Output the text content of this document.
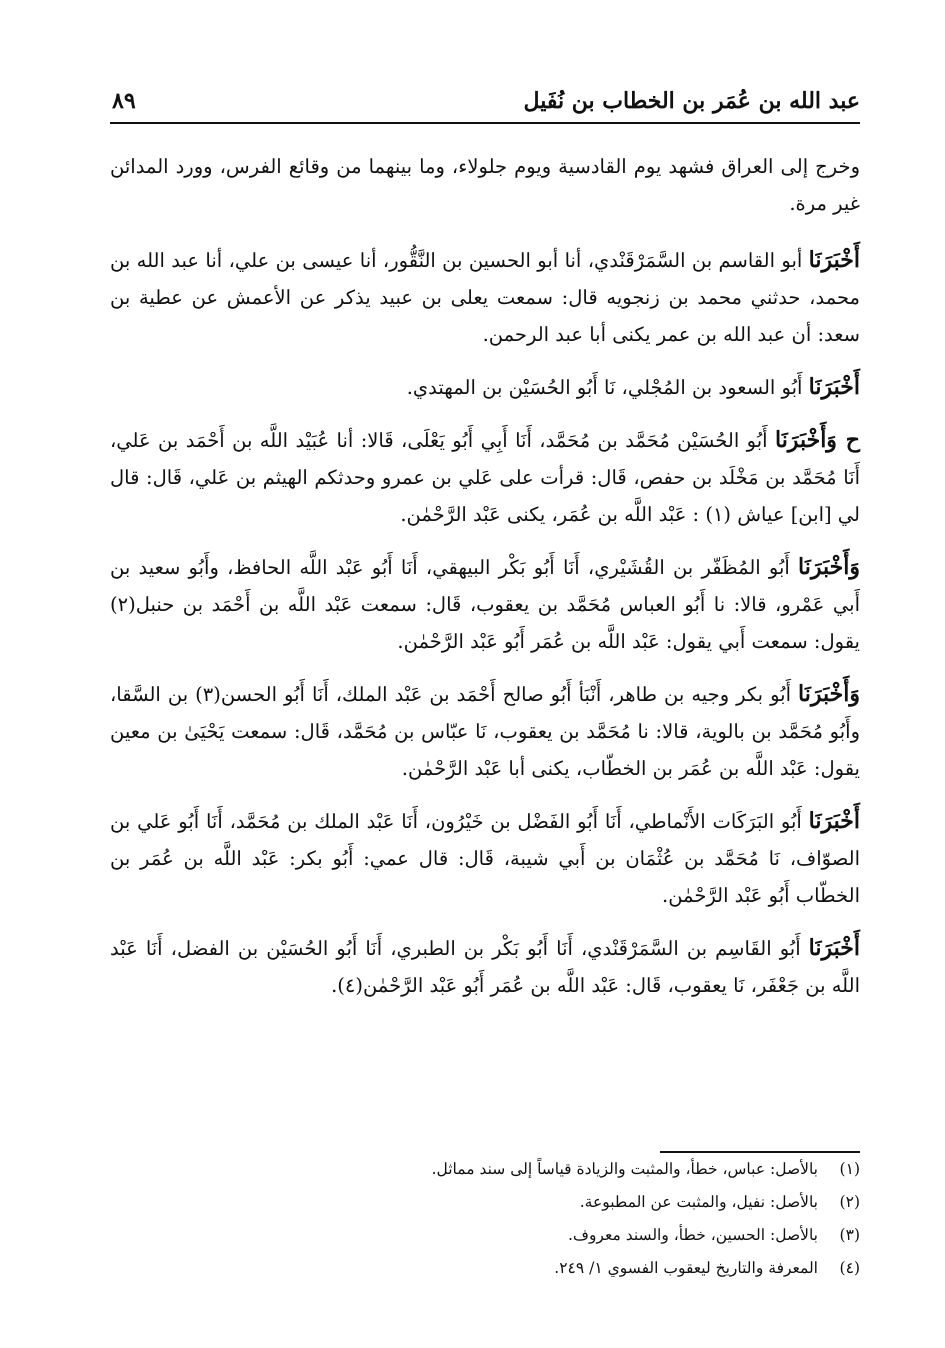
عبد الله بن عُمَر بن الخطاب بن نُفَيل
٨٩

وخرج إلى العراق فشهد يوم القادسية ويوم جلولاء، وما بينهما من وقائع الفرس، وورد المدائن غير مرة.

أَخْبَرَنَا أبو القاسم بن السَّمَرْقَنْدي، أنا أبو الحسين بن النَّقُّور، أنا عيسى بن علي، أنا عبد الله بن محمد، حدثني محمد بن زنجويه قال: سمعت يعلى بن عبيد يذكر عن الأعمش عن عطية بن سعد: أن عبد الله بن عمر يكنى أبا عبد الرحمن.

أَخْبَرَنَا أَبُو السعود بن المُجْلي، نَا أَبُو الحُسَيْن بن المهتدي.

ح وَأَخْبَرَنَا أَبُو الحُسَيْن مُحَمَّد بن مُحَمَّد، أَنَا أَبِي أَبُو يَعْلَى، قَالا: أنا عُبَيْد اللَّه بن أَحْمَد بن عَلي، أَنَا مُحَمَّد بن مَخْلَد بن حفص، قَال: قرأت على عَلي بن عمرو وحدثكم الهيثم بن عَلي، قَال: قال لي [ابن] عياش (١) : عَبْد اللَّه بن عُمَر، يكنى عَبْد الرَّحْمٰن.

وَأَخْبَرَنَا أَبُو المُظَفّر بن القُشَيْري، أَنَا أَبُو بَكْر البيهقي، أَنَا أَبُو عَبْد اللَّه الحافظ، وأَبُو سعيد بن أَبي عَمْرو، قالا: نا أَبُو العباس مُحَمَّد بن يعقوب، قَال: سمعت عَبْد اللَّه بن أَحْمَد بن حنبل(٢) يقول: سمعت أَبي يقول: عَبْد اللَّه بن عُمَر أَبُو عَبْد الرَّحْمٰن.

وَأَخْبَرَنَا أَبُو بكر وجيه بن طاهر، أَنْبَأ أَبُو صالح أَحْمَد بن عَبْد الملك، أَنَا أَبُو الحسن(٣) بن السَّقا، وأَبُو مُحَمَّد بن بالوية، قالا: نا مُحَمَّد بن يعقوب، نَا عبّاس بن مُحَمَّد، قَال: سمعت يَحْيَىٰ بن معين يقول: عَبْد اللَّه بن عُمَر بن الخطّاب، يكنى أبا عَبْد الرَّحْمٰن.

أَخْبَرَنَا أَبُو البَرَكَات الأَنْماطي، أَنَا أَبُو الفَضْل بن خَيْرُون، أَنَا عَبْد الملك بن مُحَمَّد، أَنَا أَبُو عَلي بن الصوّاف، نَا مُحَمَّد بن عُثْمَان بن أَبي شيبة، قَال: قال عمي: أَبُو بكر: عَبْد اللَّه بن عُمَر بن الخطّاب أَبُو عَبْد الرَّحْمٰن.

أَخْبَرَنَا أَبُو القَاسِم بن السَّمَرْقَنْدي، أَنَا أَبُو بَكْر بن الطبري، أَنَا أَبُو الحُسَيْن بن الفضل، أَنَا عَبْد اللَّه بن جَعْفَر، نَا يعقوب، قَال: عَبْد اللَّه بن عُمَر أَبُو عَبْد الرَّحْمٰن(٤).

(١)
بالأصل: عباس، خطأ، والمثبت والزيادة قياساً إلى سند مماثل.
(٢)
بالأصل: نفيل، والمثبت عن المطبوعة.
(٣)
بالأصل: الحسين، خطأ، والسند معروف.
(٤)
المعرفة والتاريخ ليعقوب الفسوي ١/ ٢٤٩.
